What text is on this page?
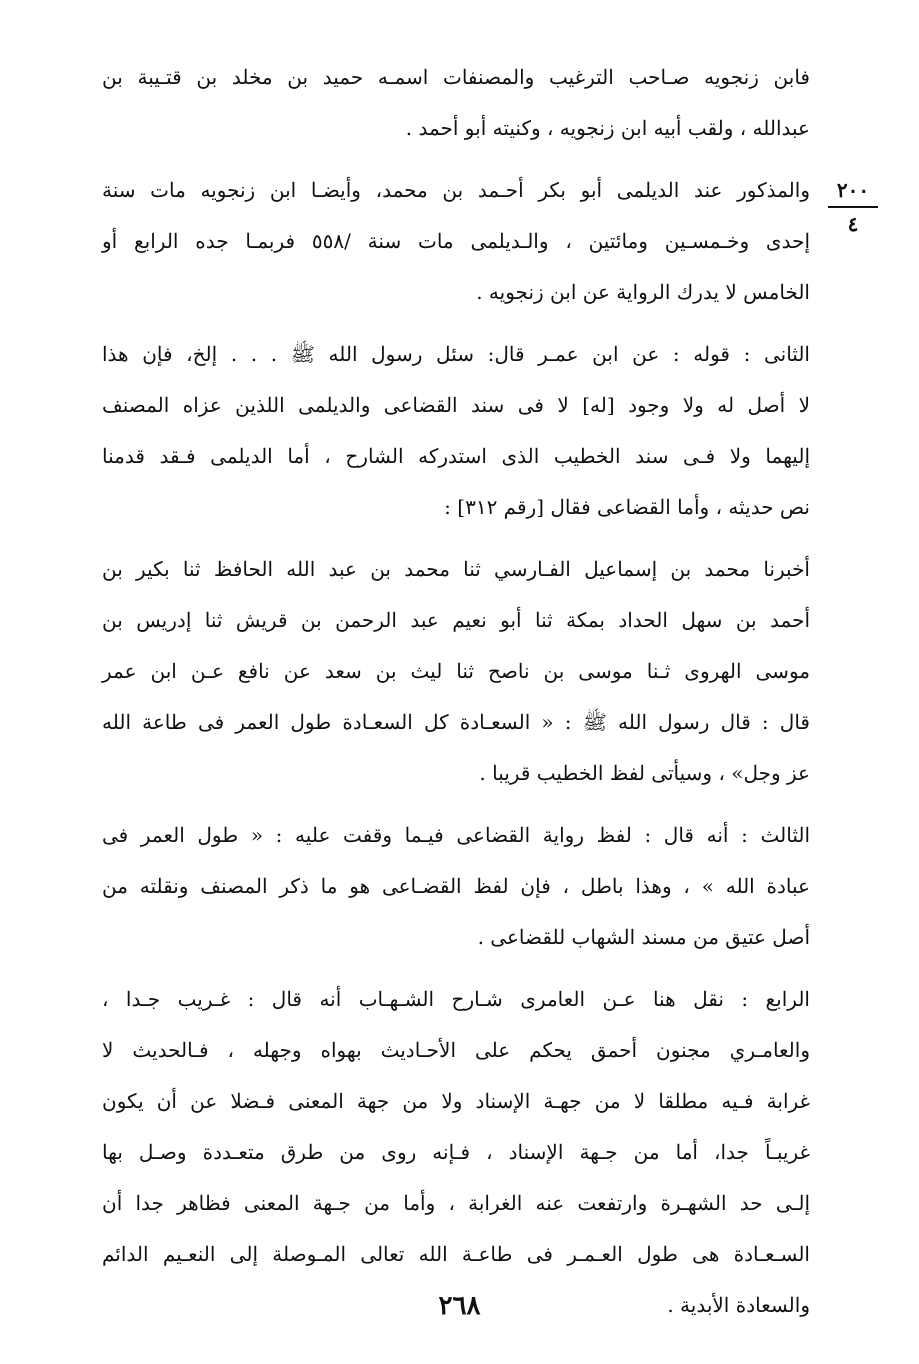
٢٠٠
٤
فابن زنجويه صـاحب الترغيب والمصنفات اسمـه حميد بن مخلد بن قتـيبة بن
عبدالله ، ولقب أبيه ابن زنجويه ، وكنيته أبو أحمد .
والمذكور عند الديلمى أبو بكر أحـمد بن محمد، وأيضـا ابن زنجويه مات سنة
إحدى وخـمسـين ومائتين ، والـديلمى مات سنة /٥٥٨ فربمـا جده الرابع أو
الخامس لا يدرك الرواية عن ابن زنجويه .
الثانى : قوله : عن ابن عمـر قال: سئل رسول الله ﷺ . . . إلخ، فإن هذا
لا أصل له ولا وجود [له] لا فى سند القضاعى والديلمى اللذين عزاه المصنف
إليهما ولا فـى سند الخطيب الذى استدركه الشارح ، أما الديلمى فـقد قدمنا
نص حديثه ، وأما القضاعى فقال [رقم ٣١٢] :
أخبرنا محمد بن إسماعيل الفـارسي ثنا محمد بن عبد الله الحافظ ثنا بكير بن
أحمد بن سهل الحداد بمكة ثنا أبو نعيم عبد الرحمن بن قريش ثنا إدريس بن
موسى الهروى ثـنا موسى بن ناصح ثنا ليث بن سعد عن نافع عـن ابن عمر
قال : قال رسول الله ﷺ : « السعـادة كل السعـادة طول العمر فى طاعة الله
عز وجل» ، وسيأتى لفظ الخطيب قريبا .
الثالث : أنه قال : لفظ رواية القضاعى فيـما وقفت عليه : « طول العمر فى
عبادة الله » ، وهذا باطل ، فإن لفظ القضـاعى هو ما ذكر المصنف ونقلته من
أصل عتيق من مسند الشهاب للقضاعى .
الرابع : نقل هنا عـن العامرى شـارح الشـهـاب أنه قال : غـريب جـدا ،
والعامـري مجنون أحمق يحكم على الأحـاديث بهواه وجهله ، فـالحديث لا
غرابة فـيه مطلقا لا من جهـة الإسناد ولا من جهة المعنى فـضلا عن أن يكون
غريبـاً جدا، أما من جـهة الإسناد ، فـإنه روى من طرق متعـددة وصـل بها
إلـى حد الشهـرة وارتفعت عنه الغرابة ، وأما من جـهة المعنى فظاهر جدا أن
السـعـادة هى طول العـمـر فى طاعـة الله تعالى المـوصلة إلى النعـيم الدائم
والسعادة الأبدية .
٢٦٨
